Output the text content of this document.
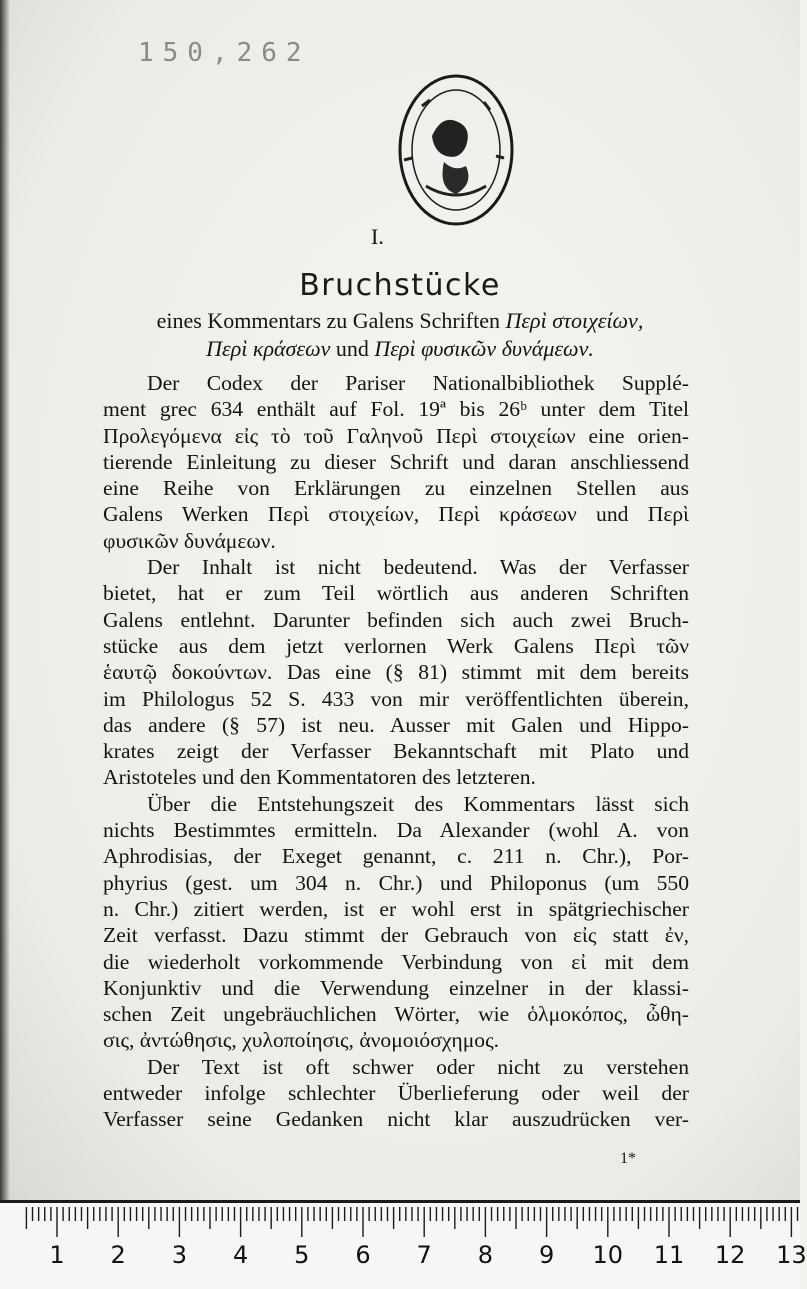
150,262
I.
Bruchstücke
eines Kommentars zu Galens Schriften Περὶ στοιχείων,
Περὶ κράσεων und Περὶ φυσικῶν δυνάμεων.
Der Codex der Pariser Nationalbibliothek Supplé-
ment grec 634 enthält auf Fol. 19ª bis 26ᵇ unter dem Titel
Προλεγόμενα εἰς τὸ τοῦ Γαληνοῦ Περὶ στοιχείων eine orien-
tierende Einleitung zu dieser Schrift und daran anschliessend
eine Reihe von Erklärungen zu einzelnen Stellen aus
Galens Werken Περὶ στοιχείων, Περὶ κράσεων und Περὶ
φυσικῶν δυνάμεων.
Der Inhalt ist nicht bedeutend. Was der Verfasser
bietet, hat er zum Teil wörtlich aus anderen Schriften
Galens entlehnt. Darunter befinden sich auch zwei Bruch-
stücke aus dem jetzt verlornen Werk Galens Περὶ τῶν
ἑαυτῷ δοκούντων. Das eine (§ 81) stimmt mit dem bereits
im Philologus 52 S. 433 von mir veröffentlichten überein,
das andere (§ 57) ist neu. Ausser mit Galen und Hippo-
krates zeigt der Verfasser Bekanntschaft mit Plato und
Aristoteles und den Kommentatoren des letzteren.
Über die Entstehungszeit des Kommentars lässt sich
nichts Bestimmtes ermitteln. Da Alexander (wohl A. von
Aphrodisias, der Exeget genannt, c. 211 n. Chr.), Por-
phyrius (gest. um 304 n. Chr.) und Philoponus (um 550
n. Chr.) zitiert werden, ist er wohl erst in spätgriechischer
Zeit verfasst. Dazu stimmt der Gebrauch von εἰς statt ἐν,
die wiederholt vorkommende Verbindung von εἰ mit dem
Konjunktiv und die Verwendung einzelner in der klassi-
schen Zeit ungebräuchlichen Wörter, wie ὁλμοκόπος, ὦθη-
σις, ἀντώθησις, χυλοποίησις, ἀνομοιόσχημος.
Der Text ist oft schwer oder nicht zu verstehen
entweder infolge schlechter Überlieferung oder weil der
Verfasser seine Gedanken nicht klar auszudrücken ver-
1*
1 2 3 4 5 6 7 8 9 10 11 12 13
